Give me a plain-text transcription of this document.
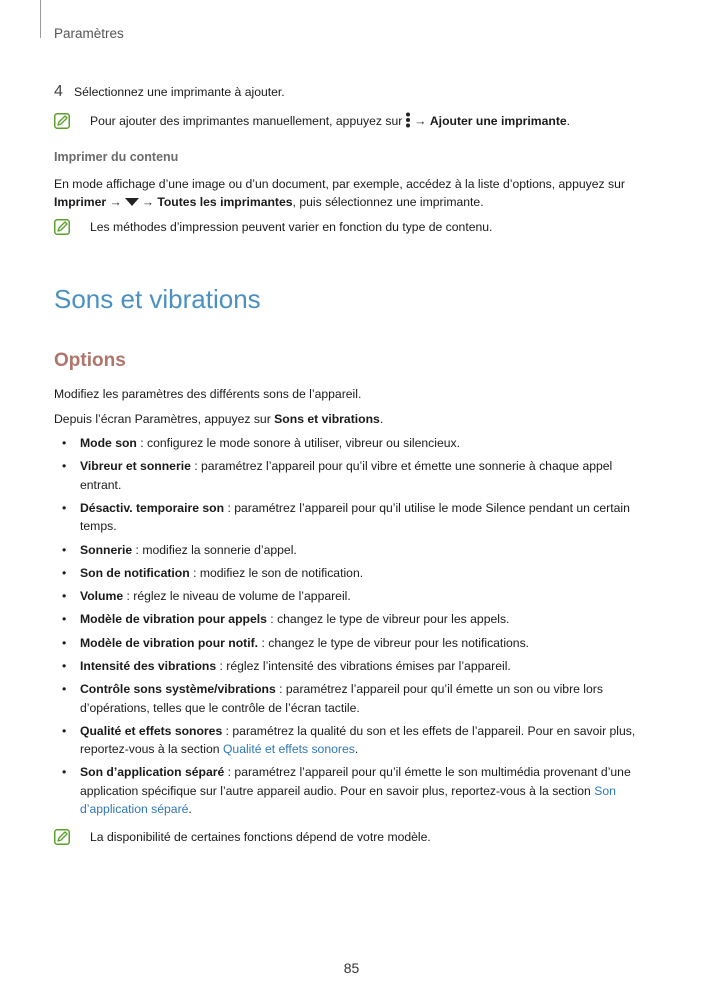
Paramètres
4 Sélectionnez une imprimante à ajouter.
Pour ajouter des imprimantes manuellement, appuyez sur → Ajouter une imprimante.
Imprimer du contenu

En mode affichage d’une image ou d’un document, par exemple, accédez à la liste d’options, appuyez sur Imprimer → → Toutes les imprimantes, puis sélectionnez une imprimante.

Les méthodes d’impression peuvent varier en fonction du type de contenu.
Sons et vibrations
Options

Modifiez les paramètres des différents sons de l’appareil.

Depuis l’écran Paramètres, appuyez sur Sons et vibrations.

• Mode son : configurez le mode sonore à utiliser, vibreur ou silencieux.
• Vibreur et sonnerie : paramétrez l’appareil pour qu’il vibre et émette une sonnerie à chaque appel entrant.
• Désactiv. temporaire son : paramétrez l’appareil pour qu’il utilise le mode Silence pendant un certain temps.
• Sonnerie : modifiez la sonnerie d’appel.
• Son de notification : modifiez le son de notification.
• Volume : réglez le niveau de volume de l’appareil.
• Modèle de vibration pour appels : changez le type de vibreur pour les appels.
• Modèle de vibration pour notif. : changez le type de vibreur pour les notifications.
• Intensité des vibrations : réglez l’intensité des vibrations émises par l’appareil.
• Contrôle sons système/vibrations : paramétrez l’appareil pour qu’il émette un son ou vibre lors d’opérations, telles que le contrôle de l’écran tactile.
• Qualité et effets sonores : paramétrez la qualité du son et les effets de l’appareil. Pour en savoir plus, reportez-vous à la section Qualité et effets sonores.
• Son d’application séparé : paramétrez l’appareil pour qu’il émette le son multimédia provenant d’une application spécifique sur l’autre appareil audio. Pour en savoir plus, reportez-vous à la section Son d’application séparé.
La disponibilité de certaines fonctions dépend de votre modèle.
85
